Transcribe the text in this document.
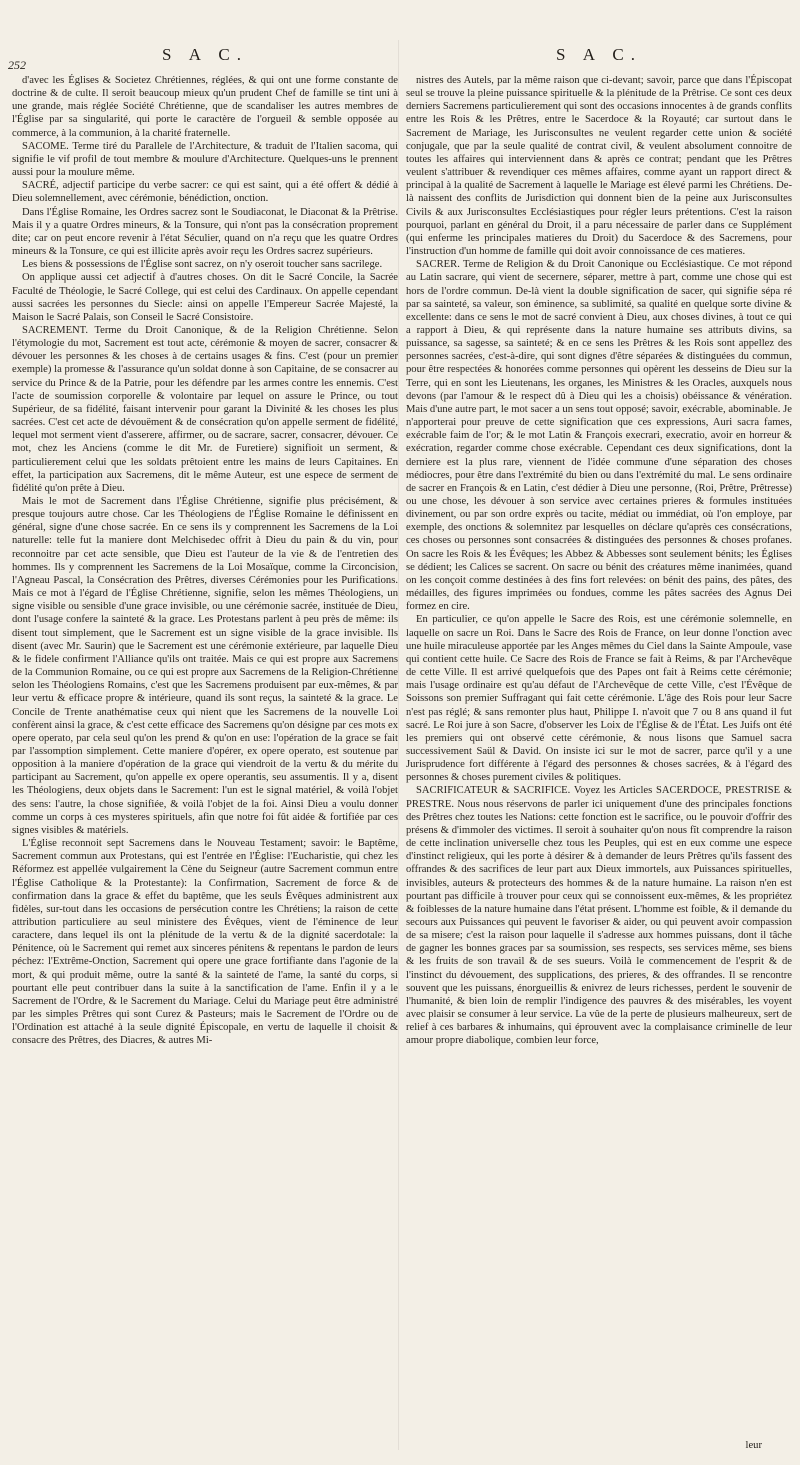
252
S A C.

d'avec les Églises & Societez Chrétiennes, réglées, & qui ont une forme constante de doctrine & de culte. Il seroit beaucoup mieux qu'un prudent Chef de famille se tint uni à une grande, mais réglée Société Chrétienne, que de scandaliser les autres membres de l'Église par sa singularité, qui porte le caractère de l'orgueil & semble opposée au commerce, à la communion, à la charité fraternelle.

SACOME. Terme tiré du Parallele de l'Architecture, & traduit de l'Italien sacoma, qui signifie le vif profil de tout membre & moulure d'Architecture. Quelques-uns le prennent aussi pour la moulure même.

SACRÉ, adjectif participe du verbe sacrer: ce qui est saint, qui a été offert & dédié à Dieu solemnellement, avec cérémonie, bénédiction, onction.

Dans l'Église Romaine, les Ordres sacrez sont le Soudiaconat, le Diaconat & la Prêtrise. Mais il y a quatre Ordres mineurs, & la Tonsure, qui n'ont pas la consécration proprement dite; car on peut encore revenir à l'état Séculier, quand on n'a reçu que les quatre Ordres mineurs & la Tonsure, ce qui est illicite après avoir reçu les Ordres sacrez supérieurs.

Les biens & possessions de l'Église sont sacrez, on n'y oseroit toucher sans sacrilege.

On applique aussi cet adjectif à d'autres choses. On dit le Sacré Concile, la Sacrée Faculté de Théologie, le Sacré College, qui est celui des Cardinaux. On appelle cependant aussi sacrées les personnes du Siecle: ainsi on appelle l'Empereur Sacrée Majesté, la Maison le Sacré Palais, son Conseil le Sacré Consistoire.

SACREMENT. Terme du Droit Canonique, & de la Religion Chrétienne. Selon l'étymologie du mot, Sacrement est tout acte, cérémonie & moyen de sacrer, consacrer & dévouer les personnes & les choses à de certains usages & fins. C'est (pour un premier exemple) la promesse & l'assurance qu'un soldat donne à son Capitaine, de se consacrer au service du Prince & de la Patrie, pour les défendre par les armes contre les ennemis. C'est l'acte de soumission corporelle & volontaire par lequel on assure le Prince, ou tout Supérieur, de sa fidélité, faisant intervenir pour garant la Divinité & les choses les plus sacrées. C'est cet acte de dévouëment & de consécration qu'on appelle serment de fidélité, lequel mot serment vient d'asserere, affirmer, ou de sacrare, sacrer, consacrer, dévouer. Ce mot, chez les Anciens (comme le dit Mr. de Furetiere) signifioit un serment, & particulierement celui que les soldats prêtoient entre les mains de leurs Capitaines. En effet, la participation aux Sacremens, dit le même Auteur, est une espece de serment de fidélité qu'on prête à Dieu.

Mais le mot de Sacrement dans l'Église Chrétienne, signifie plus précisément, & presque toujours autre chose. Car les Théologiens de l'Église Romaine le définissent en général, signe d'une chose sacrée. En ce sens ils y comprennent les Sacremens de la Loi naturelle: telle fut la maniere dont Melchisedec offrit à Dieu du pain & du vin, pour reconnoitre par cet acte sensible, que Dieu est l'auteur de la vie & de l'entretien des hommes. Ils y comprennent les Sacremens de la Loi Mosaïque, comme la Circoncision, l'Agneau Pascal, la Consécration des Prêtres, diverses Cérémonies pour les Purifications. Mais ce mot à l'égard de l'Église Chrétienne, signifie, selon les mêmes Théologiens, un signe visible ou sensible d'une grace invisible, ou une cérémonie sacrée, instituée de Dieu, dont l'usage confere la sainteté & la grace. Les Protestans parlent à peu près de même: ils disent tout simplement, que le Sacrement est un signe visible de la grace invisible. Ils disent (avec Mr. Saurin) que le Sacrement est une cérémonie extérieure, par laquelle Dieu & le fidele confirment l'Alliance qu'ils ont traitée. Mais ce qui est propre aux Sacremens de la Communion Romaine, ou ce qui est propre aux Sacremens de la Religion-Chrétienne selon les Théologiens Romains, c'est que les Sacremens produisent par eux-mêmes, & par leur vertu & efficace propre & intérieure, quand ils sont reçus, la sainteté & la grace. Le Concile de Trente anathématise ceux qui nient que les Sacremens de la nouvelle Loi confèrent ainsi la grace, & c'est cette efficace des Sacremens qu'on désigne par ces mots ex opere operato, par cela seul qu'on les prend & qu'on en use: l'opération de la grace se fait par l'assomption simplement. Cette maniere d'opérer, ex opere operato, est soutenue par opposition à la maniere d'opération de la grace qui viendroit de la vertu & du mérite du participant au Sacrement, qu'on appelle ex opere operantis, seu assumentis. Il y a, disent les Théologiens, deux objets dans le Sacrement: l'un est le signal matériel, & voilà l'objet des sens: l'autre, la chose signifiée, & voilà l'objet de la foi. Ainsi Dieu a voulu donner comme un corps à ces mysteres spirituels, afin que notre foi fût aidée & fortifiée par ces signes visibles & matériels.

L'Église reconnoit sept Sacremens dans le Nouveau Testament; savoir: le Baptême, Sacrement commun aux Protestans, qui est l'entrée en l'Église: l'Eucharistie, qui chez les Réformez est appellée vulgairement la Cène du Seigneur (autre Sacrement commun entre l'Église Catholique & la Protestante): la Confirmation, Sacrement de force & de confirmation dans la grace & effet du baptême, que les seuls Évêques administrent aux fidèles, sur-tout dans les occasions de persécution contre les Chrétiens; la raison de cette attribution particuliere au seul ministere des Évêques, vient de l'éminence de leur caractere, dans lequel ils ont la plénitude de la vertu & de la dignité sacerdotale: la Pénitence, où le Sacrement qui remet aux sinceres pénitens & repentans le pardon de leurs péchez: l'Extrême-Onction, Sacrement qui opere une grace fortifiante dans l'agonie de la mort, & qui produit même, outre la santé & la sainteté de l'ame, la santé du corps, si pourtant elle peut contribuer dans la suite à la sanctification de l'ame. Enfin il y a le Sacrement de l'Ordre, & le Sacrement du Mariage. Celui du Mariage peut être administré par les simples Prêtres qui sont Curez & Pasteurs; mais le Sacrement de l'Ordre ou de l'Ordination est attaché à la seule dignité Épiscopale, en vertu de laquelle il choisit & consacre des Prêtres, des Diacres, & autres Mi-

S A C.

nistres des Autels, par la même raison que ci-devant; savoir, parce que dans l'Épiscopat seul se trouve la pleine puissance spirituelle & la plénitude de la Prêtrise. Ce sont ces deux derniers Sacremens particulierement qui sont des occasions innocentes à de grands conflits entre les Rois & les Prêtres, entre le Sacerdoce & la Royauté; car surtout dans le Sacrement de Mariage, les Jurisconsultes ne veulent regarder cette union & société conjugale, que par la seule qualité de contrat civil, & veulent absolument connoitre de toutes les affaires qui interviennent dans & après ce contrat; pendant que les Prêtres veulent s'attribuer & revendiquer ces mêmes affaires, comme ayant un rapport direct & principal à la qualité de Sacrement à laquelle le Mariage est élevé parmi les Chrétiens. De-là naissent des conflits de Jurisdiction qui donnent bien de la peine aux Jurisconsultes Civils & aux Jurisconsultes Ecclésiastiques pour régler leurs prétentions. C'est la raison pourquoi, parlant en général du Droit, il a paru nécessaire de parler dans ce Supplément (qui enferme les principales matieres du Droit) du Sacerdoce & des Sacremens, pour l'instruction d'un homme de famille qui doit avoir connoissance de ces matieres.

SACRER. Terme de Religion & du Droit Canonique ou Ecclésiastique. Ce mot répond au Latin sacrare, qui vient de secernere, séparer, mettre à part, comme une chose qui est hors de l'ordre commun. De-là vient la double signification de sacer, qui signifie sépa ré par sa sainteté, sa valeur, son éminence, sa sublimité, sa qualité en quelque sorte divine & excellente: dans ce sens le mot de sacré convient à Dieu, aux choses divines, à tout ce qui a rapport à Dieu, & qui représente dans la nature humaine ses attributs divins, sa puissance, sa sagesse, sa sainteté; & en ce sens les Prêtres & les Rois sont appellez des personnes sacrées, c'est-à-dire, qui sont dignes d'être séparées & distinguées du commun, pour être respectées & honorées comme personnes qui opèrent les desseins de Dieu sur la Terre, qui en sont les Lieutenans, les organes, les Ministres & les Oracles, auxquels nous devons (par l'amour & le respect dû à Dieu qui les a choisis) obéissance & vénération. Mais d'une autre part, le mot sacer a un sens tout opposé; savoir, exécrable, abominable. Je n'apporterai pour preuve de cette signification que ces expressions, Auri sacra fames, exécrable faim de l'or; & le mot Latin & François execrari, execratio, avoir en horreur & exécration, regarder comme chose exécrable. Cependant ces deux significations, dont la derniere est la plus rare, viennent de l'idée commune d'une séparation des choses médiocres, pour être dans l'extrémité du bien ou dans l'extrémité du mal. Le sens ordinaire de sacrer en François & en Latin, c'est dédier à Dieu une personne, (Roi, Prêtre, Prêtresse) ou une chose, les dévouer à son service avec certaines prieres & formules instituées divinement, ou par son ordre exprès ou tacite, médiat ou immédiat, où l'on employe, par exemple, des onctions & solemnitez par lesquelles on déclare qu'après ces consécrations, ces choses ou personnes sont consacrées & distinguées des personnes & choses profanes. On sacre les Rois & les Évêques; les Abbez & Abbesses sont seulement bénits; les Églises se dédient; les Calices se sacrent. On sacre ou bénit des créatures même inanimées, quand on les conçoit comme destinées à des fins fort relevées: on bénit des pains, des pâtes, des médailles, des figures imprimées ou fondues, comme les pâtes sacrées des Agnus Dei formez en cire.

En particulier, ce qu'on appelle le Sacre des Rois, est une cérémonie solemnelle, en laquelle on sacre un Roi. Dans le Sacre des Rois de France, on leur donne l'onction avec une huile miraculeuse apportée par les Anges mêmes du Ciel dans la Sainte Ampoule, vase qui contient cette huile. Ce Sacre des Rois de France se fait à Reims, & par l'Archevêque de cette Ville. Il est arrivé quelquefois que des Papes ont fait à Reims cette cérémonie; mais l'usage ordinaire est qu'au défaut de l'Archevêque de cette Ville, c'est l'Évêque de Soissons son premier Suffragant qui fait cette cérémonie. L'âge des Rois pour leur Sacre n'est pas réglé; & sans remonter plus haut, Philippe I. n'avoit que 7 ou 8 ans quand il fut sacré. Le Roi jure à son Sacre, d'observer les Loix de l'Église & de l'État. Les Juifs ont été les premiers qui ont observé cette cérémonie, & nous lisons que Samuel sacra successivement Saül & David. On insiste ici sur le mot de sacrer, parce qu'il y a une Jurisprudence fort différente à l'égard des personnes & choses sacrées, & à l'égard des personnes & choses purement civiles & politiques.

SACRIFICATEUR & SACRIFICE. Voyez les Articles SACERDOCE, PRESTRISE & PRESTRE. Nous nous réservons de parler ici uniquement d'une des principales fonctions des Prêtres chez toutes les Nations: cette fonction est le sacrifice, ou le pouvoir d'offrir des présens & d'immoler des victimes. Il seroit à souhaiter qu'on nous fît comprendre la raison de cette inclination universelle chez tous les Peuples, qui est en eux comme une espece d'instinct religieux, qui les porte à désirer & à demander de leurs Prêtres qu'ils fassent des offrandes & des sacrifices de leur part aux Dieux immortels, aux Puissances spirituelles, invisibles, auteurs & protecteurs des hommes & de la nature humaine. La raison n'en est pourtant pas difficile à trouver pour ceux qui se connoissent eux-mêmes, & les propriétez & foiblesses de la nature humaine dans l'état présent. L'homme est foible, & il demande du secours aux Puissances qui peuvent le favoriser & aider, ou qui peuvent avoir compassion de sa misere; c'est la raison pour laquelle il s'adresse aux hommes puissans, dont il tâche de gagner les bonnes graces par sa soumission, ses respects, ses services même, ses biens & les fruits de son travail & de ses sueurs. Voilà le commencement de l'esprit & de l'instinct du dévouement, des supplications, des prieres, & des offrandes. Il se rencontre souvent que les puissans, énorgueillis & enivrez de leurs richesses, perdent le souvenir de l'humanité, & bien loin de remplir l'indigence des pauvres & des misérables, les voyent avec plaisir se consumer à leur service. La vûe de la perte de plusieurs malheureux, sert de relief à ces barbares & inhumains, qui éprouvent avec la complaisance criminelle de leur amour propre diabolique, combien leur force,

leur
